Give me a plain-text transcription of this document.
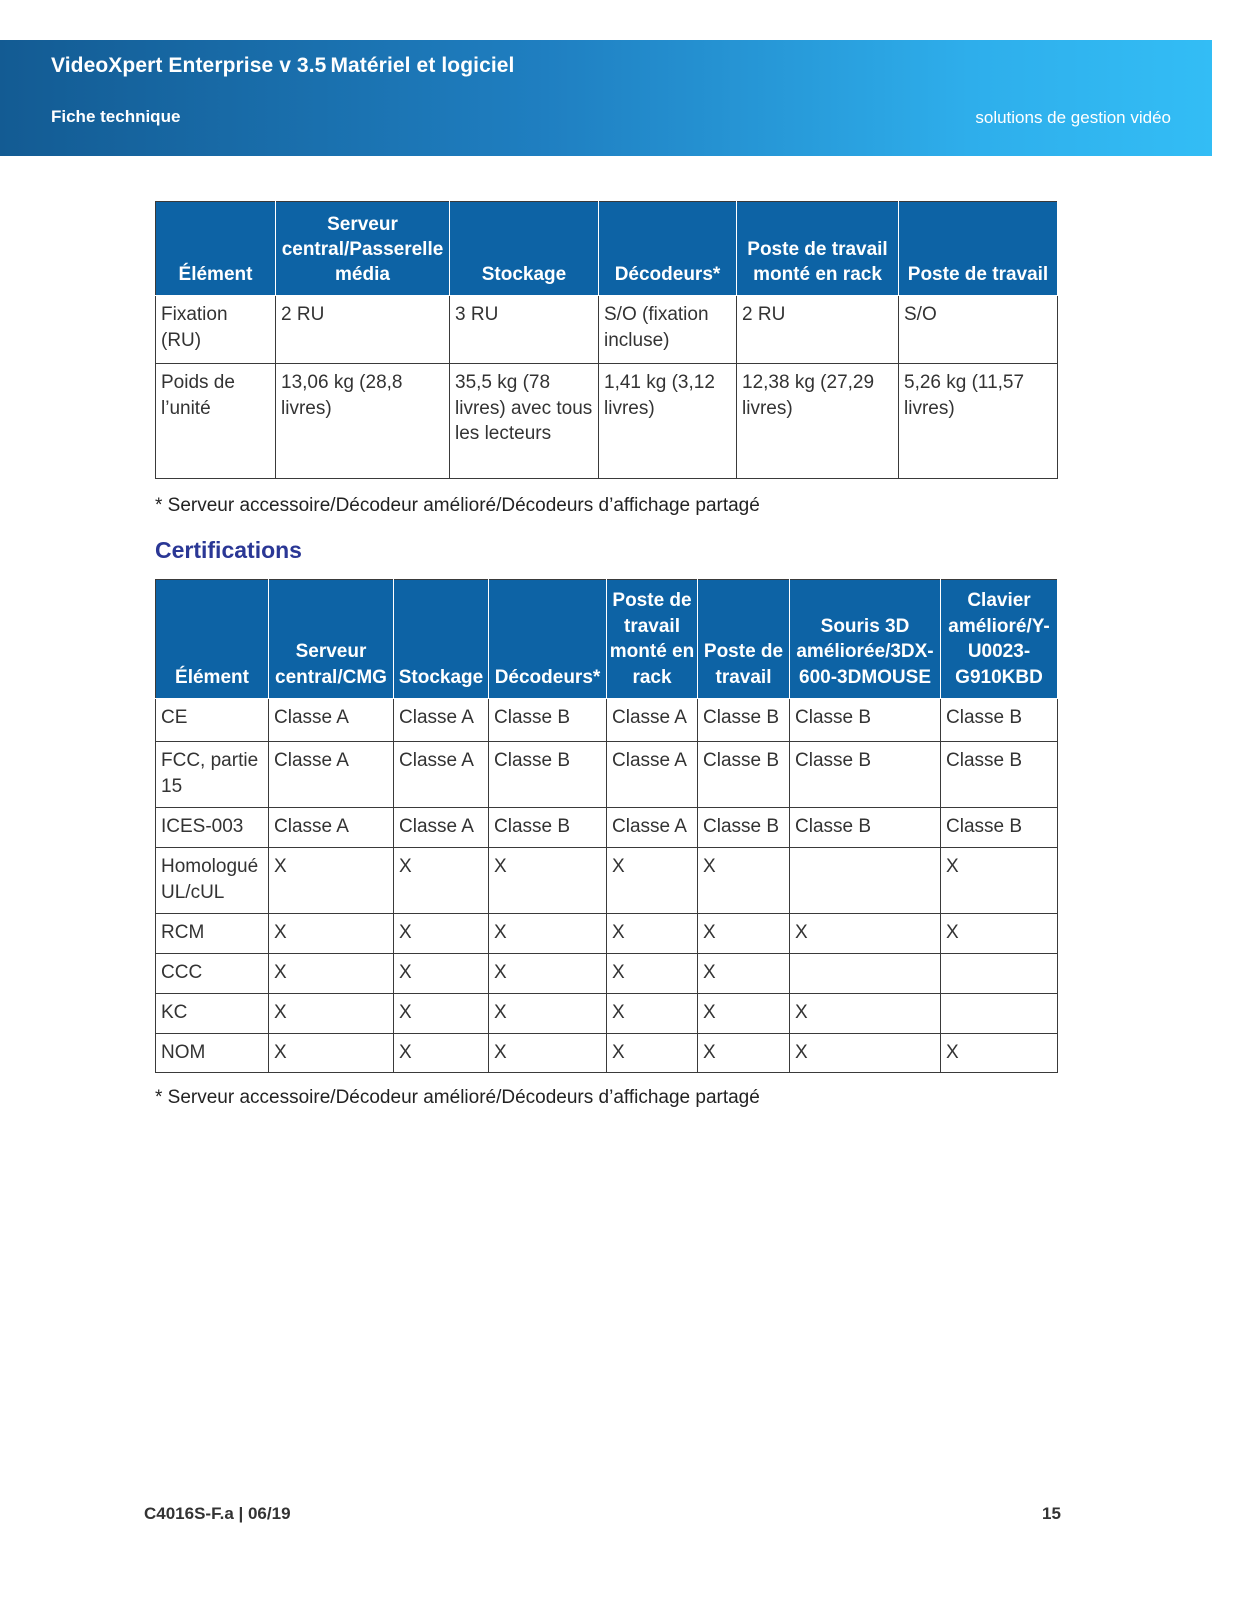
VideoXpert Enterprise v 3.5 Matériel et logiciel
Fiche technique	solutions de gestion vidéo
Élément	Serveur central/Passerelle média	Stockage	Décodeurs*	Poste de travail monté en rack	Poste de travail
Fixation (RU)	2 RU	3 RU	S/O (fixation incluse)	2 RU	S/O
Poids de l’unité	13,06 kg (28,8 livres)	35,5 kg (78 livres) avec tous les lecteurs	1,41 kg (3,12 livres)	12,38 kg (27,29 livres)	5,26 kg (11,57 livres)
* Serveur accessoire/Décodeur amélioré/Décodeurs d’affichage partagé
Certifications
Élément	Serveur central/CMG	Stockage	Décodeurs*	Poste de travail monté en rack	Poste de travail	Souris 3D améliorée/3DX-600-3DMOUSE	Clavier amélioré/Y-U0023-G910KBD
CE	Classe A	Classe A	Classe B	Classe A	Classe B	Classe B	Classe B
FCC, partie 15	Classe A	Classe A	Classe B	Classe A	Classe B	Classe B	Classe B
ICES-003	Classe A	Classe A	Classe B	Classe A	Classe B	Classe B	Classe B
Homologué UL/cUL	X	X	X	X	X		X
RCM	X	X	X	X	X	X	X
CCC	X	X	X	X	X		
KC	X	X	X	X	X	X	
NOM	X	X	X	X	X	X	X
* Serveur accessoire/Décodeur amélioré/Décodeurs d’affichage partagé
C4016S-F.a | 06/19	15
